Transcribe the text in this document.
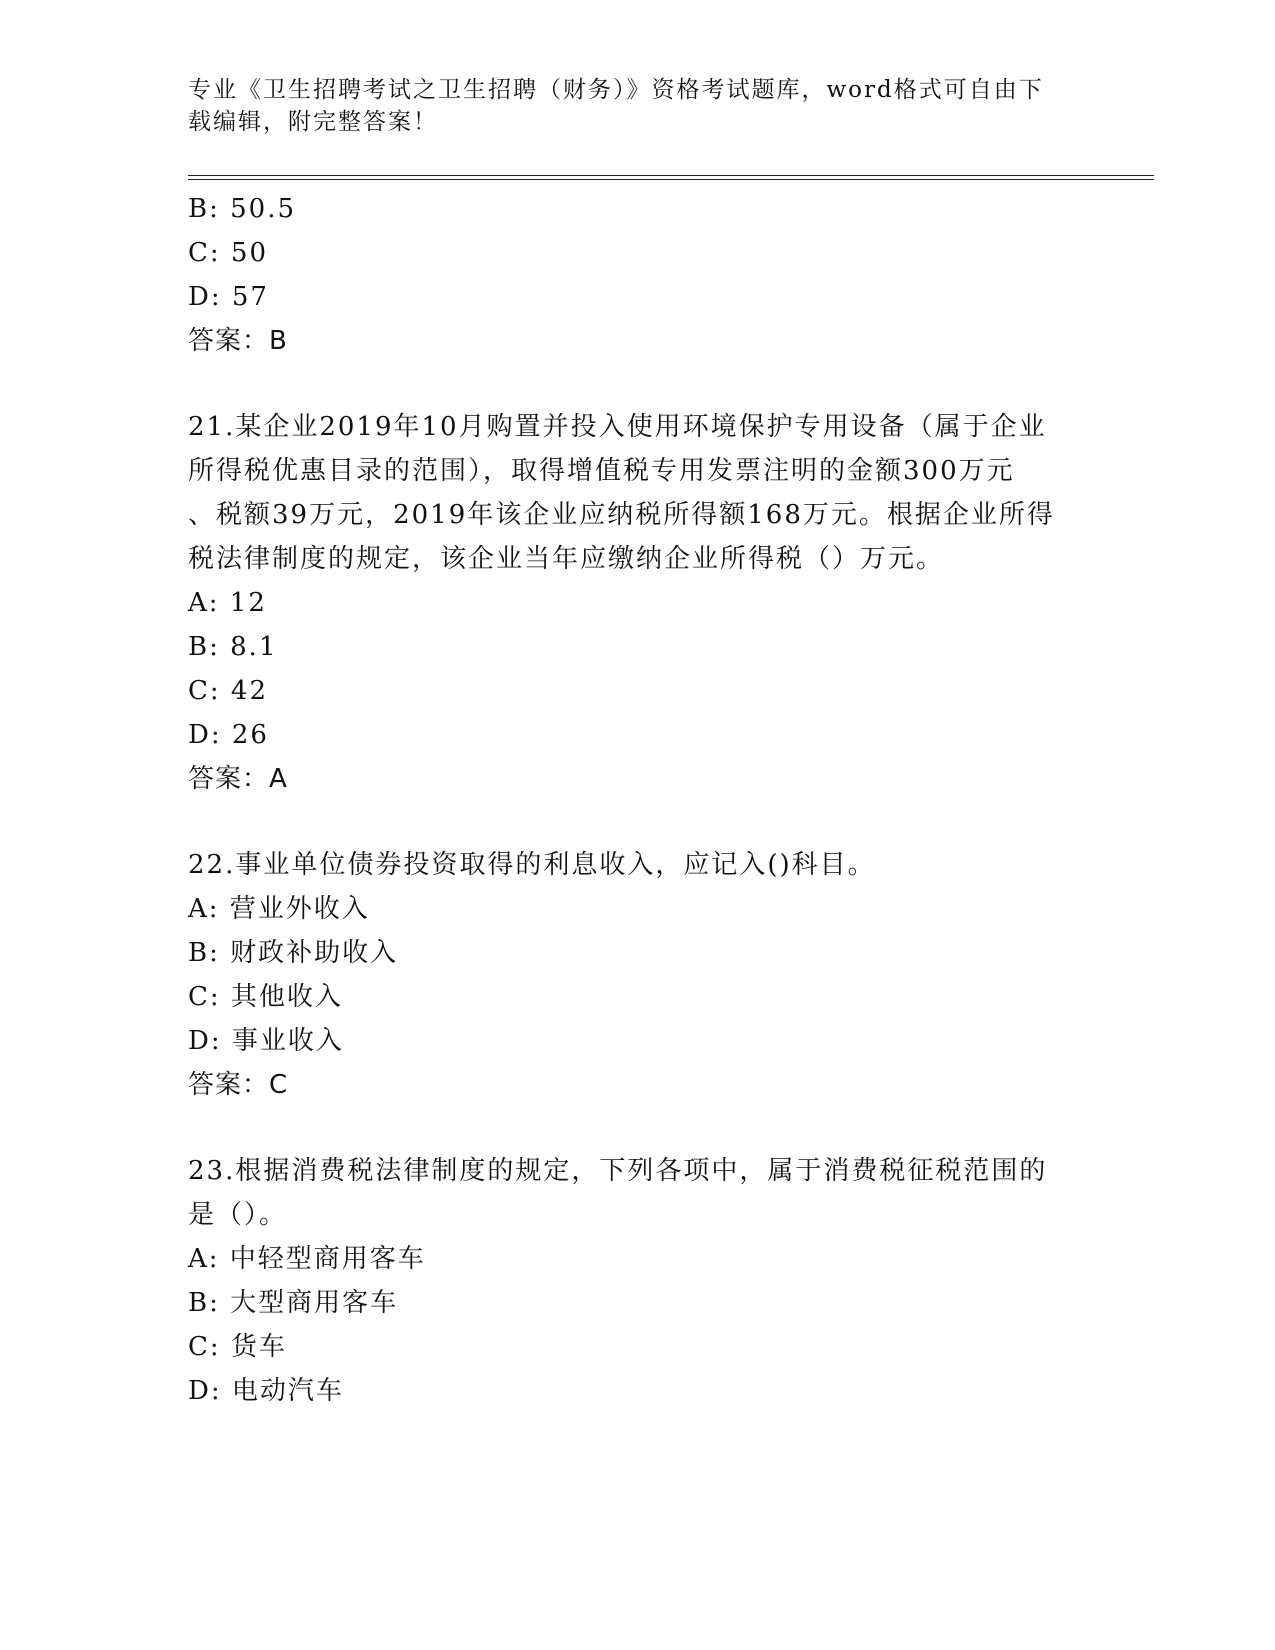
专业《卫生招聘考试之卫生招聘（财务）》资格考试题库，word格式可自由下载编辑，附完整答案！
B: 50.5
C: 50
D: 57
答案：B
21.某企业2019年10月购置并投入使用环境保护专用设备（属于企业
所得税优惠目录的范围），取得增值税专用发票注明的金额300万元
、税额39万元，2019年该企业应纳税所得额168万元。根据企业所得
税法律制度的规定，该企业当年应缴纳企业所得税（）万元。
A: 12
B: 8.1
C: 42
D: 26
答案：A
22.事业单位债券投资取得的利息收入，应记入()科目。
A: 营业外收入
B: 财政补助收入
C: 其他收入
D: 事业收入
答案：C
23.根据消费税法律制度的规定，下列各项中，属于消费税征税范围的
是（）。
A: 中轻型商用客车
B: 大型商用客车
C: 货车
D: 电动汽车
